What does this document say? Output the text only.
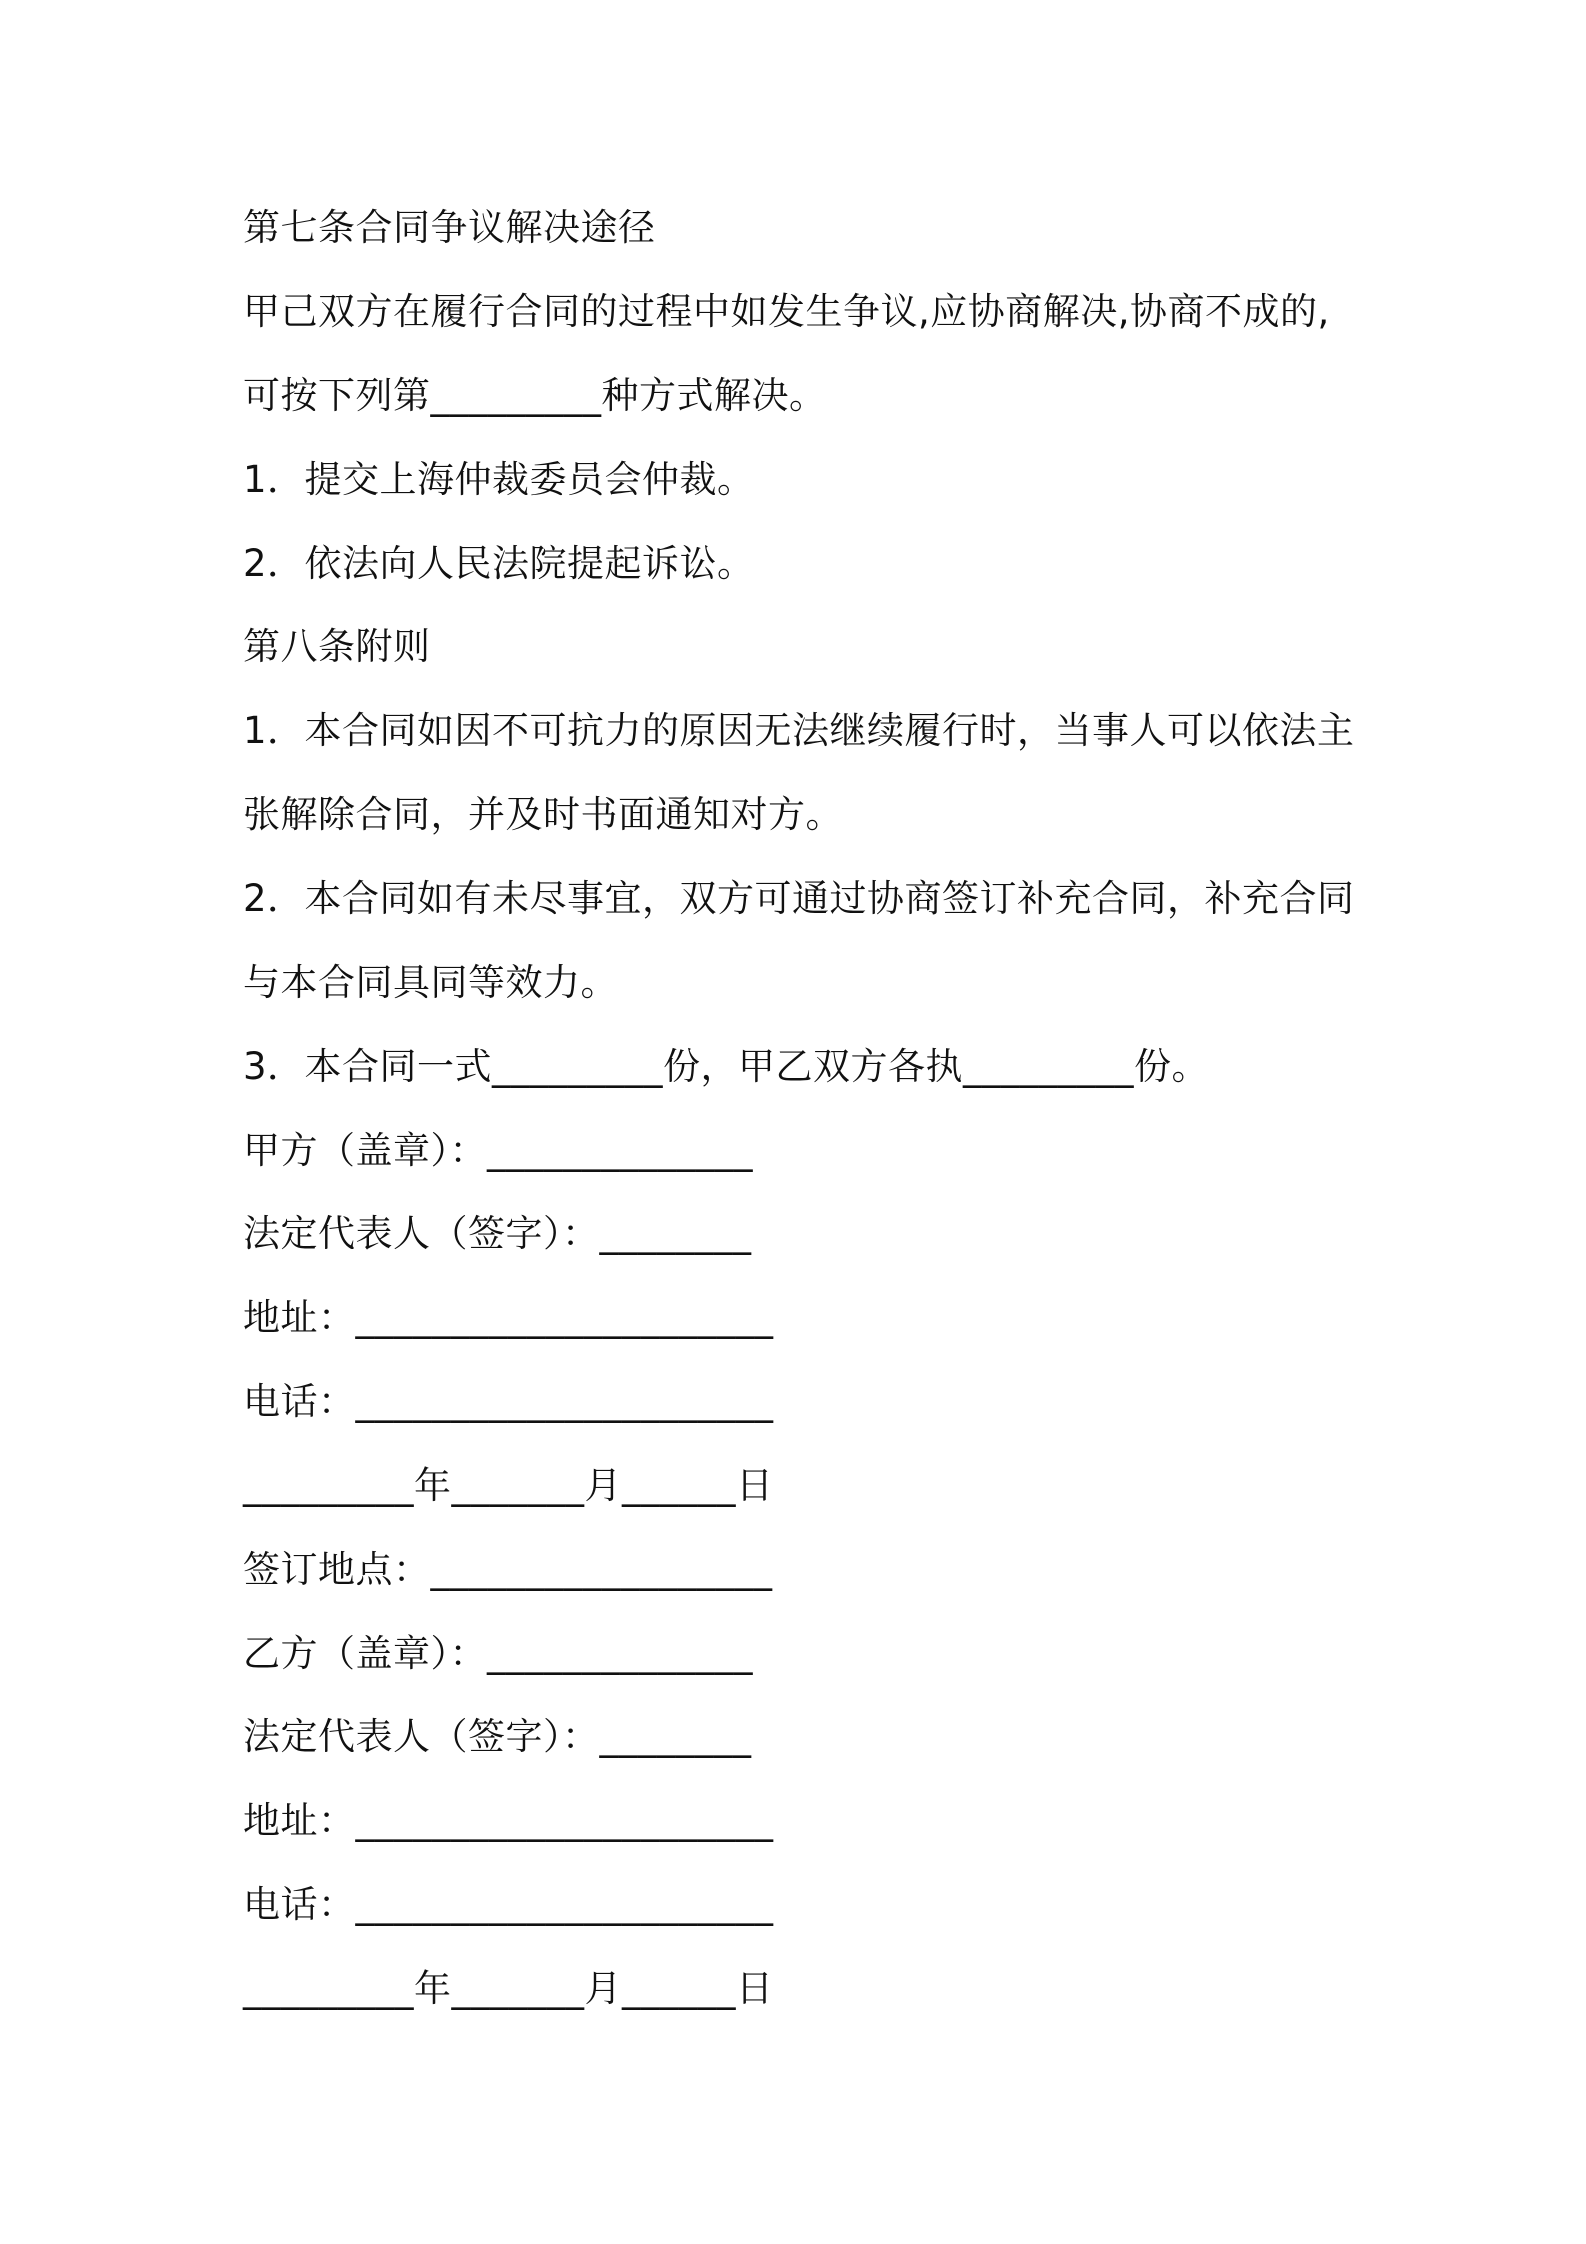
第七条合同争议解决途径
甲己双方在履行合同的过程中如发生争议,应协商解决,协商不成的,
可按下列第_________种方式解决。
1．提交上海仲裁委员会仲裁。
2．依法向人民法院提起诉讼。
第八条附则
1．本合同如因不可抗力的原因无法继续履行时，当事人可以依法主
张解除合同，并及时书面通知对方。
2．本合同如有未尽事宜，双方可通过协商签订补充合同，补充合同
与本合同具同等效力。
3．本合同一式_________份，甲乙双方各执_________份。
甲方（盖章）：______________
法定代表人（签字）：________
地址：______________________
电话：______________________
_________年_______月______日
签订地点：__________________
乙方（盖章）：______________
法定代表人（签字）：________
地址：______________________
电话：______________________
_________年_______月______日
